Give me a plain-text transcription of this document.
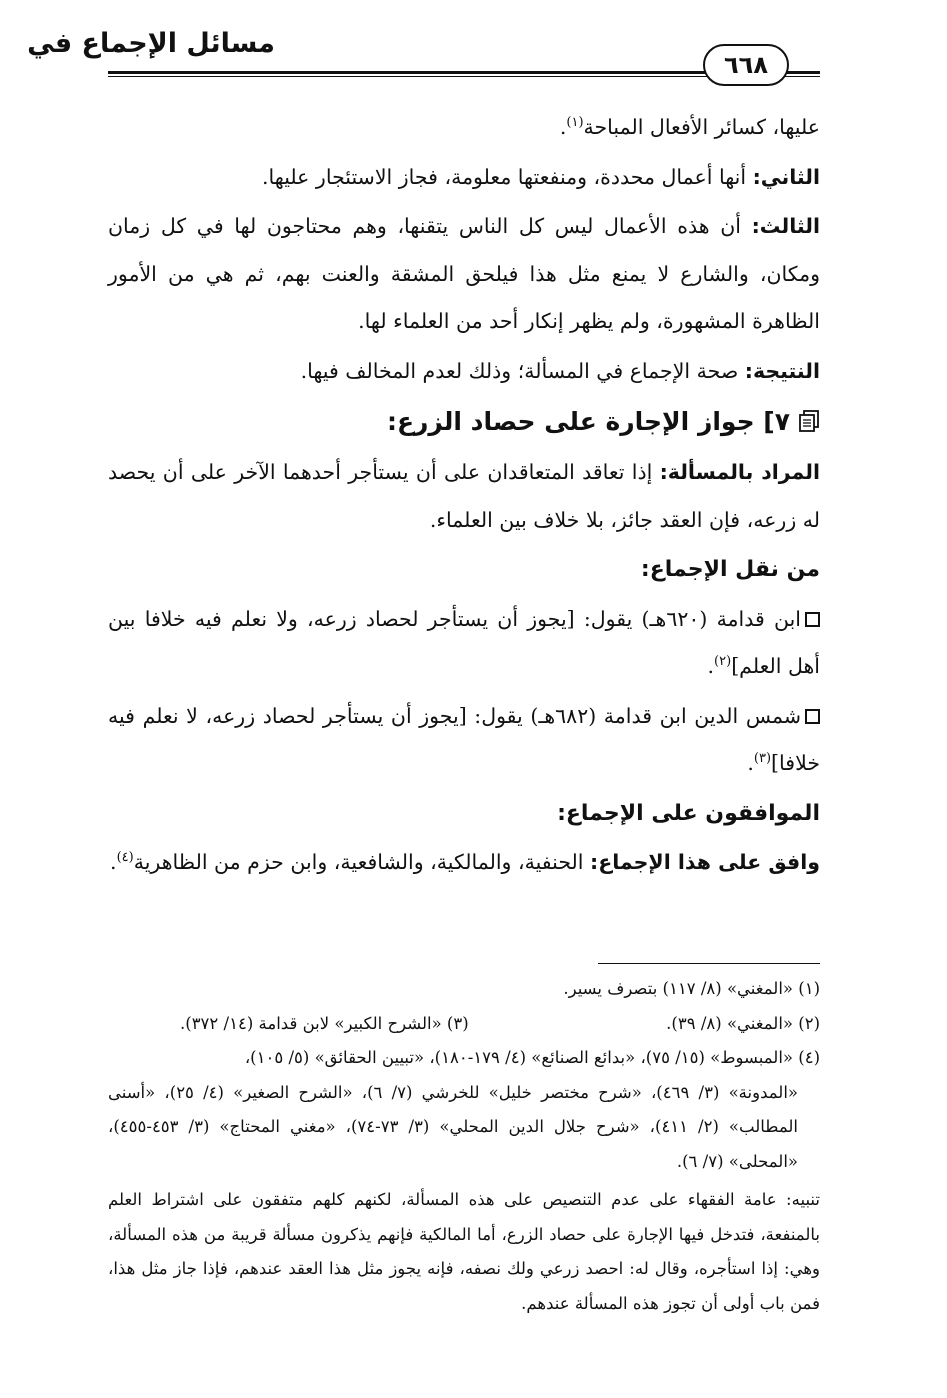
مسائل الإجماع في
٦٦٨

عليها، كسائر الأفعال المباحة$^{(١)}$.

الثاني: أنها أعمال محددة، ومنفعتها معلومة، فجاز الاستئجار عليها.

الثالث: أن هذه الأعمال ليس كل الناس يتقنها، وهم محتاجون لها في كل زمان ومكان، والشارع لا يمنع مثل هذا فيلحق المشقة والعنت بهم، ثم هي من الأمور الظاهرة المشهورة، ولم يظهر إنكار أحد من العلماء لها.

النتيجة: صحة الإجماع في المسألة؛ وذلك لعدم المخالف فيها.

٧] جواز الإجارة على حصاد الزرع:

المراد بالمسألة: إذا تعاقد المتعاقدان على أن يستأجر أحدهما الآخر على أن يحصد له زرعه، فإن العقد جائز، بلا خلاف بين العلماء.

من نقل الإجماع:

ابن قدامة (٦٢٠هـ) يقول: [يجوز أن يستأجر لحصاد زرعه، ولا نعلم فيه خلافا بين أهل العلم]$^{(٢)}$.

شمس الدين ابن قدامة (٦٨٢هـ) يقول: [يجوز أن يستأجر لحصاد زرعه، لا نعلم فيه خلافا]$^{(٣)}$.

الموافقون على الإجماع:

وافق على هذا الإجماع: الحنفية، والمالكية، والشافعية، وابن حزم من الظاهرية$^{(٤)}$.

(١) «المغني» (٨/ ١١٧) بتصرف يسير.

(٢) «المغني» (٨/ ٣٩).
(٣) «الشرح الكبير» لابن قدامة (١٤/ ٣٧٢).

(٤) «المبسوط» (١٥/ ٧٥)، «بدائع الصنائع» (٤/ ١٧٩-١٨٠)، «تبيين الحقائق» (٥/ ١٠٥)،

«المدونة» (٣/ ٤٦٩)، «شرح مختصر خليل» للخرشي (٧/ ٦)، «الشرح الصغير» (٤/ ٢٥)، «أسنى المطالب» (٢/ ٤١١)، «شرح جلال الدين المحلي» (٣/ ٧٣-٧٤)، «مغني المحتاج» (٣/ ٤٥٣-٤٥٥)، «المحلى» (٧/ ٦).

تنبيه: عامة الفقهاء على عدم التنصيص على هذه المسألة، لكنهم كلهم متفقون على اشتراط العلم بالمنفعة، فتدخل فيها الإجارة على حصاد الزرع، أما المالكية فإنهم يذكرون مسألة قريبة من هذه المسألة، وهي: إذا استأجره، وقال له: احصد زرعي ولك نصفه، فإنه يجوز مثل هذا العقد عندهم، فإذا جاز مثل هذا، فمن باب أولى أن تجوز هذه المسألة عندهم.
